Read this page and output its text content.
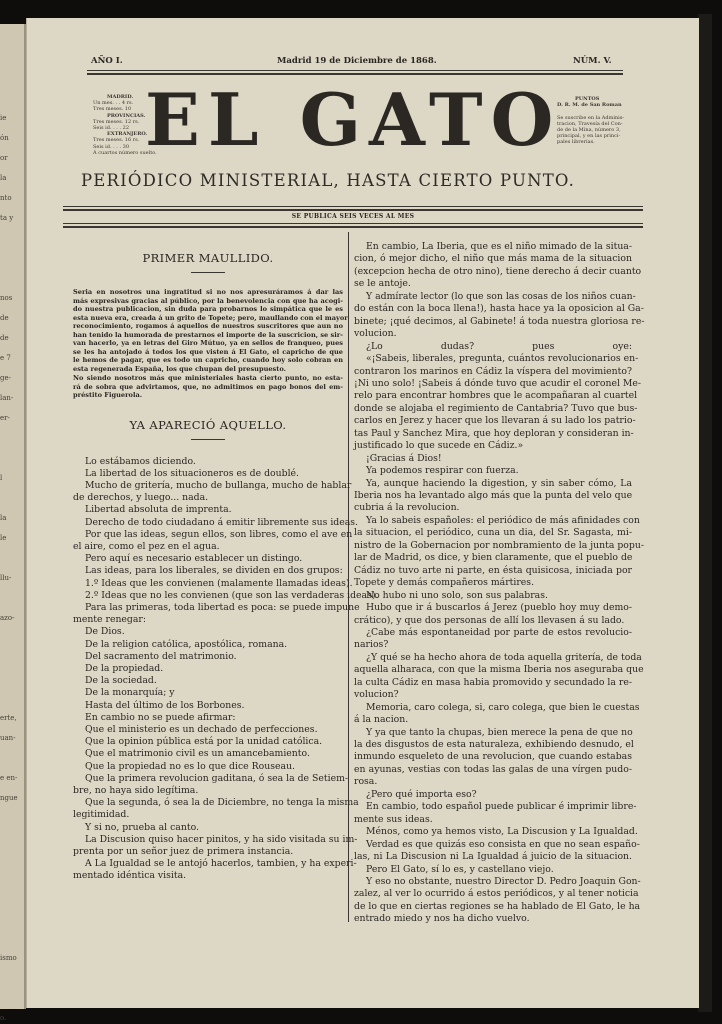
ie
ón
or
la
nto
ta y
nos
de
de
e 7
ge-
lan-
er-
l
la
le
llu-
azo-
erte,
uan-
e en-
ngue
ismo
o.
AÑO I.	Madrid 19 de Diciembre de 1868.	NÚM. V.
MADRID.
Un mes. . . 4 rs.
Tres meses. 10
PROVINCIAS.
Tres meses. 12 rs.
Seis id. . . . 22
EXTRANJERO.
Tres meses. 16 rs.
Seis id. . . . 30
Á cuartos número suelto.
EL GATO	PUNTOS
D. R. M. de San Roman
Se suscribe en la Adminis-
tracion, Travesía del Con-
de de la Mina, número 3,
principal, y en las princi-
pales librerías.
PERIÓDICO MINISTERIAL, HASTA CIERTO PUNTO.
SE PUBLICA SEIS VECES AL MES
PRIMER MAULLIDO.
Seria en nosotros una ingratitud si no nos apresuráramos á dar las
más expresivas gracias al público, por la benevolencia con que ha acogi-
do nuestra publicacion, sin duda para probarnos lo simpática que le es
esta nueva era, creada á un grito de Topete; pero, maullando con el mayor
reconocimiento, rogamos á aquellos de nuestros suscritores que aun no
han tenido la humorada de prestarnos el importe de la suscricion, se sir-
van hacerlo, ya en letras del Giro Mútuo, ya en sellos de franqueo, pues
se les ha antojado á todos los que visten á El Gato, el capricho de que
le hemos de pagar, que es todo un capricho, cuando hoy solo cobran en
esta regenerada España, los que chupan del presupuesto.
No siendo nosotros más que ministeriales hasta cierto punto, no esta-
rá de sobra que advirtamos, que, no admitimos en pago bonos del em-
préstito Figuerola.
YA APARECIÓ AQUELLO.
Lo estábamos diciendo.
La libertad de los situacioneros es de doublé.
Mucho de gritería, mucho de bullanga, mucho de hablar
de derechos, y luego... nada.
Libertad absoluta de imprenta.
Derecho de todo ciudadano á emitir libremente sus ideas.
Por que las ideas, segun ellos, son libres, como el ave en
el aire, como el pez en el agua.
Pero aquí es necesario establecer un distingo.
Las ideas, para los liberales, se dividen en dos grupos:
1.º Ideas que les convienen (malamente llamadas ideas).
2.º Ideas que no les convienen (que son las verdaderas ideas).
Para las primeras, toda libertad es poca: se puede impune
mente renegar:
De Dios.
De la religion católica, apostólica, romana.
Del sacramento del matrimonio.
De la propiedad.
De la sociedad.
De la monarquía; y
Hasta del último de los Borbones.
En cambio no se puede afirmar:
Que el ministerio es un dechado de perfecciones.
Que la opinion pública está por la unidad católica.
Que el matrimonio civil es un amancebamiento.
Que la propiedad no es lo que dice Rouseau.
Que la primera revolucion gaditana, ó sea la de Setiem-
bre, no haya sido legítima.
Que la segunda, ó sea la de Diciembre, no tenga la misma
legitimidad.
Y si no, prueba al canto.
La Discusion quiso hacer pinitos, y ha sido visitada su im-
prenta por un señor juez de primera instancia.
A La Igualdad se le antojó hacerlos, tambien, y ha experi-
mentado idéntica visita.
En cambio, La Iberia, que es el niño mimado de la situa-
cion, ó mejor dicho, el niño que más mama de la situacion
(excepcion hecha de otro nino), tiene derecho á decir cuanto
se le antoje.
Y admírate lector (lo que son las cosas de los niños cuan-
do están con la boca llena!), hasta hace ya la oposicion al Ga-
binete; ¡qué decimos, al Gabinete! á toda nuestra gloriosa re-
volucion.
¿Lo dudas? pues oye:
«¡Sabeis, liberales, pregunta, cuántos revolucionarios en-
contraron los marinos en Cádiz la víspera del movimiento?
¡Ni uno solo! ¡Sabeis á dónde tuvo que acudir el coronel Me-
relo para encontrar hombres que le acompañaran al cuartel
donde se alojaba el regimiento de Cantabria? Tuvo que bus-
carlos en Jerez y hacer que los llevaran á su lado los patrio-
tas Paul y Sanchez Mira, que hoy deploran y consideran in-
justificado lo que sucede en Cádiz.»
¡Gracias á Dios!
Ya podemos respirar con fuerza.
Ya, aunque haciendo la digestion, y sin saber cómo, La
Iberia nos ha levantado algo más que la punta del velo que
cubria á la revolucion.
Ya lo sabeis españoles: el periódico de más afinidades con
la situacion, el periódico, cuna un dia, del Sr. Sagasta, mi-
nistro de la Gobernacion por nombramiento de la junta popu-
lar de Madrid, os dice, y bien claramente, que el pueblo de
Cádiz no tuvo arte ni parte, en ésta quisicosa, iniciada por
Topete y demás compañeros mártires.
No hubo ni uno solo, son sus palabras.
Hubo que ir á buscarlos á Jerez (pueblo hoy muy demo-
crático), y que dos personas de allí los llevasen á su lado.
¿Cabe más espontaneidad por parte de estos revolucio-
narios?
¿Y qué se ha hecho ahora de toda aquella gritería, de toda
aquella alharaca, con que la misma Iberia nos aseguraba que
la culta Cádiz en masa habia promovido y secundado la re-
volucion?
Memoria, caro colega, si, caro colega, que bien le cuestas
á la nacion.
Y ya que tanto la chupas, bien merece la pena de que no
la des disgustos de esta naturaleza, exhibiendo desnudo, el
inmundo esqueleto de una revolucion, que cuando estabas
en ayunas, vestias con todas las galas de una vírgen pudo-
rosa.
¿Pero qué importa eso?
En cambio, todo español puede publicar é imprimir libre-
mente sus ideas.
Ménos, como ya hemos visto, La Discusion y La Igualdad.
Verdad es que quizás eso consista en que no sean españo-
las, ni La Discusion ni La Igualdad á juicio de la situacion.
Pero El Gato, sí lo es, y castellano viejo.
Y eso no obstante, nuestro Director D. Pedro Joaquin Gon-
zalez, al ver lo ocurrido á estos periódicos, y al tener noticia
de lo que en ciertas regiones se ha hablado de El Gato, le ha
entrado miedo y nos ha dicho vuelvo.
